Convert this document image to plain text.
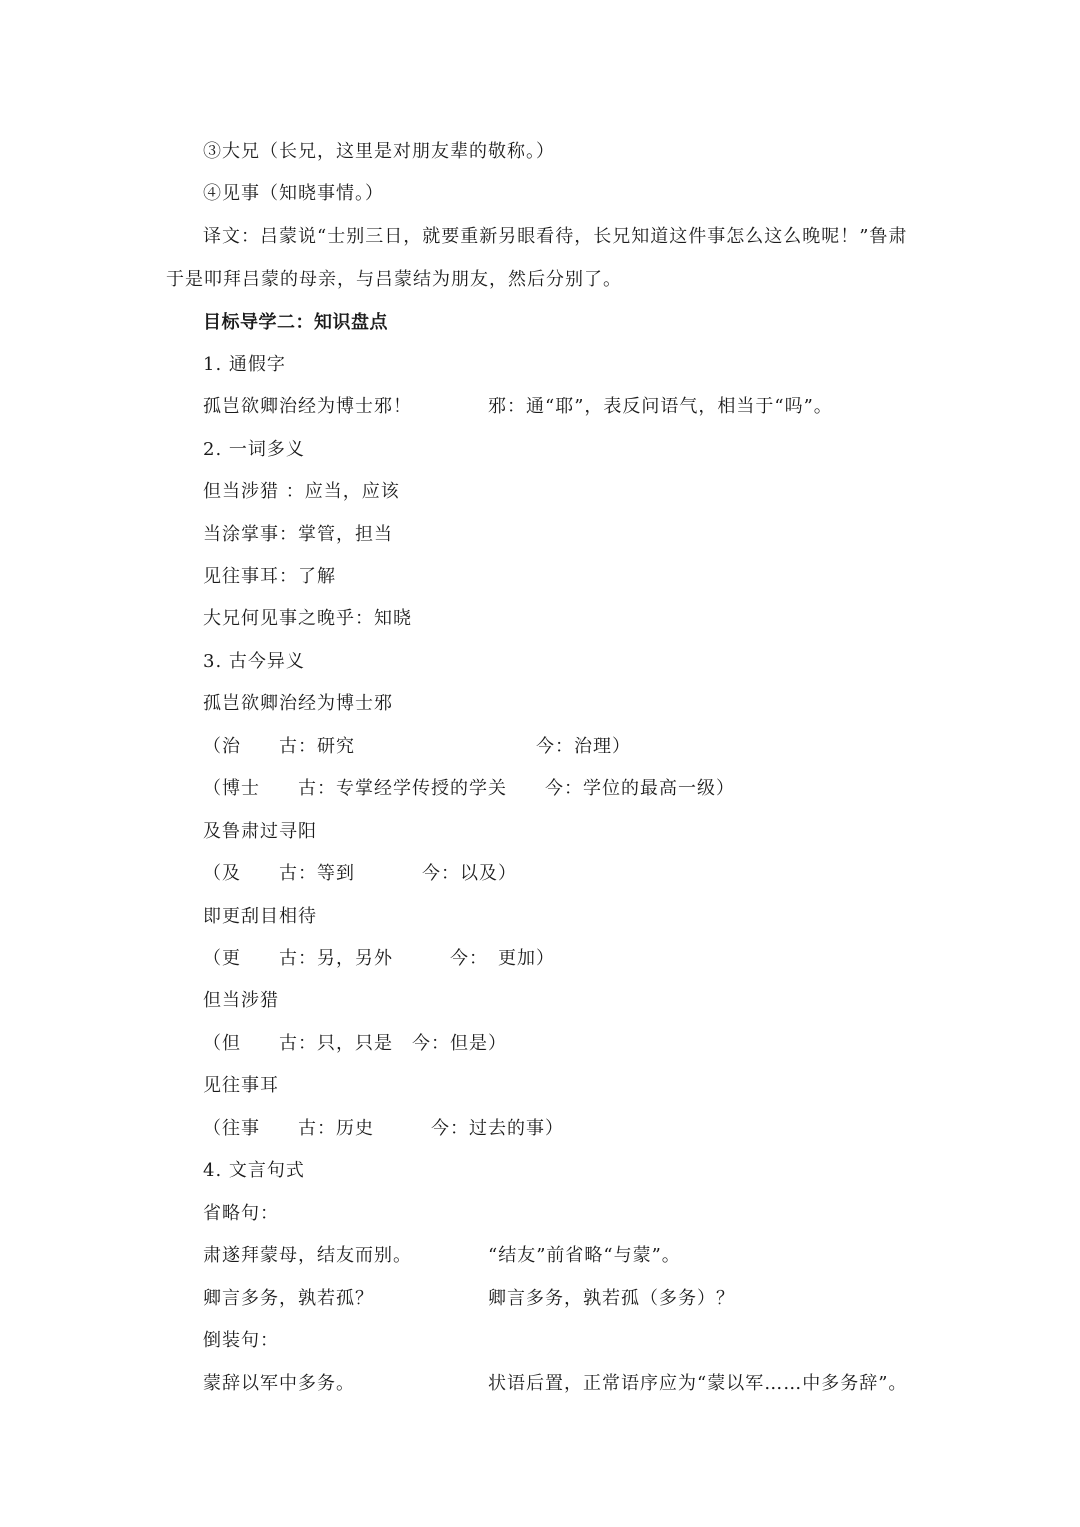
③大兄（长兄，这里是对朋友辈的敬称。）
④见事（知晓事情。）
译文：吕蒙说“士别三日，就要重新另眼看待，长兄知道这件事怎么这么晚呢！”鲁肃
于是叩拜吕蒙的母亲，与吕蒙结为朋友，然后分别了。
目标导学二：知识盘点
1. 通假字
孤岂欲卿治经为博士邪！	邪：通“耶”，表反问语气，相当于“吗”。
2. 一词多义
但当涉猎 ：应当，应该
当涂掌事：掌管，担当
见往事耳：了解
大兄何见事之晚乎：知晓
3. 古今异义
孤岂欲卿治经为博士邪
（治　　古：研究	今：治理）
（博士　　古：专掌经学传授的学关 今：学位的最高一级）
及鲁肃过寻阳
（及　　古：等到	今：以及）
即更刮目相待
（更　　古：另，另外	今：　更加）
但当涉猎
（但　　古：只，只是 今：但是）
见往事耳
（往事　　古：历史	今：过去的事）
4. 文言句式
省略句：
肃遂拜蒙母，结友而别。	“结友”前省略“与蒙”。
卿言多务，孰若孤？	卿言多务，孰若孤（多务）？
倒装句：
蒙辞以军中多务。	状语后置，正常语序应为“蒙以军……中多务辞”。
